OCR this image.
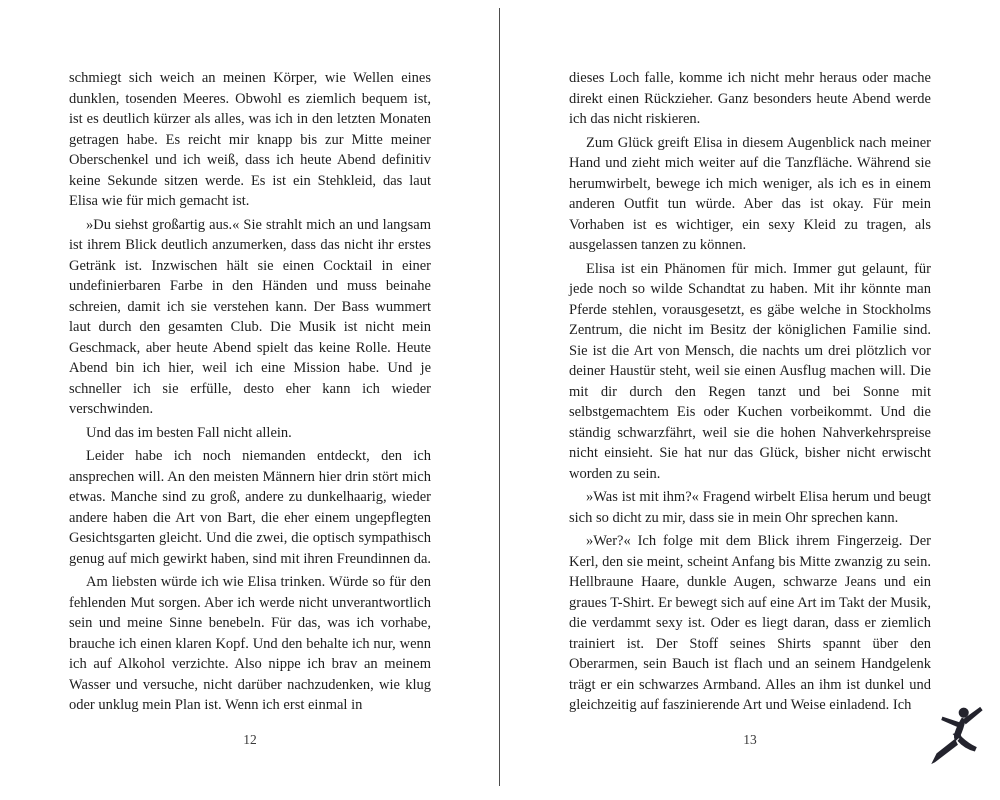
schmiegt sich weich an meinen Körper, wie Wellen eines dunklen, tosenden Meeres. Obwohl es ziemlich bequem ist, ist es deutlich kürzer als alles, was ich in den letzten Monaten getragen habe. Es reicht mir knapp bis zur Mitte meiner Oberschenkel und ich weiß, dass ich heute Abend definitiv keine Sekunde sitzen werde. Es ist ein Stehkleid, das laut Elisa wie für mich gemacht ist.

»Du siehst großartig aus.« Sie strahlt mich an und langsam ist ihrem Blick deutlich anzumerken, dass das nicht ihr erstes Getränk ist. Inzwischen hält sie einen Cocktail in einer undefinierbaren Farbe in den Händen und muss beinahe schreien, damit ich sie verstehen kann. Der Bass wummert laut durch den gesamten Club. Die Musik ist nicht mein Geschmack, aber heute Abend spielt das keine Rolle. Heute Abend bin ich hier, weil ich eine Mission habe. Und je schneller ich sie erfülle, desto eher kann ich wieder verschwinden.

Und das im besten Fall nicht allein.

Leider habe ich noch niemanden entdeckt, den ich ansprechen will. An den meisten Männern hier drin stört mich etwas. Manche sind zu groß, andere zu dunkelhaarig, wieder andere haben die Art von Bart, die eher einem ungepflegten Gesichtsgarten gleicht. Und die zwei, die optisch sympathisch genug auf mich gewirkt haben, sind mit ihren Freundinnen da.

Am liebsten würde ich wie Elisa trinken. Würde so für den fehlenden Mut sorgen. Aber ich werde nicht unverantwortlich sein und meine Sinne benebeln. Für das, was ich vorhabe, brauche ich einen klaren Kopf. Und den behalte ich nur, wenn ich auf Alkohol verzichte. Also nippe ich brav an meinem Wasser und versuche, nicht darüber nachzudenken, wie klug oder unklug mein Plan ist. Wenn ich erst einmal in

12

dieses Loch falle, komme ich nicht mehr heraus oder mache direkt einen Rückzieher. Ganz besonders heute Abend werde ich das nicht riskieren.

Zum Glück greift Elisa in diesem Augenblick nach meiner Hand und zieht mich weiter auf die Tanzfläche. Während sie herumwirbelt, bewege ich mich weniger, als ich es in einem anderen Outfit tun würde. Aber das ist okay. Für mein Vorhaben ist es wichtiger, ein sexy Kleid zu tragen, als ausgelassen tanzen zu können.

Elisa ist ein Phänomen für mich. Immer gut gelaunt, für jede noch so wilde Schandtat zu haben. Mit ihr könnte man Pferde stehlen, vorausgesetzt, es gäbe welche in Stockholms Zentrum, die nicht im Besitz der königlichen Familie sind. Sie ist die Art von Mensch, die nachts um drei plötzlich vor deiner Haustür steht, weil sie einen Ausflug machen will. Die mit dir durch den Regen tanzt und bei Sonne mit selbstgemachtem Eis oder Kuchen vorbeikommt. Und die ständig schwarzfährt, weil sie die hohen Nahverkehrspreise nicht einsieht. Sie hat nur das Glück, bisher nicht erwischt worden zu sein.

»Was ist mit ihm?« Fragend wirbelt Elisa herum und beugt sich so dicht zu mir, dass sie in mein Ohr sprechen kann.

»Wer?« Ich folge mit dem Blick ihrem Fingerzeig. Der Kerl, den sie meint, scheint Anfang bis Mitte zwanzig zu sein. Hellbraune Haare, dunkle Augen, schwarze Jeans und ein graues T-Shirt. Er bewegt sich auf eine Art im Takt der Musik, die verdammt sexy ist. Oder es liegt daran, dass er ziemlich trainiert ist. Der Stoff seines Shirts spannt über den Oberarmen, sein Bauch ist flach und an seinem Handgelenk trägt er ein schwarzes Armband. Alles an ihm ist dunkel und gleichzeitig auf faszinierende Art und Weise einladend. Ich

13
